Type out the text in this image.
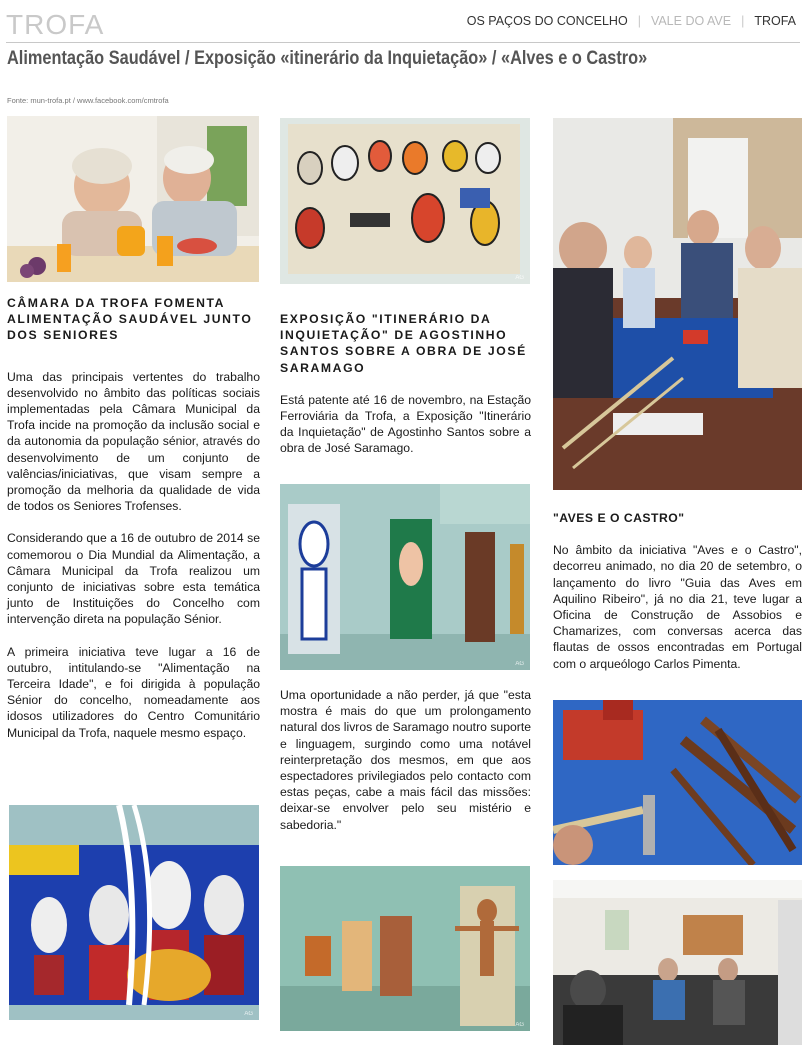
TROFA	OS PAÇOS DO CONCELHO | VALE DO AVE | TROFA
Alimentação Saudável / Exposição «itinerário da Inquietação» / «Alves e o Castro»
Fonte: mun-trofa.pt / www.facebook.com/cmtrofa
CÂMARA DA TROFA FOMENTA ALIMENTAÇÃO SAUDÁVEL JUNTO DOS SENIORES

Uma das principais vertentes do trabalho desenvolvido no âmbito das políticas sociais implementadas pela Câmara Municipal da Trofa incide na promoção da inclusão social e da autonomia da população sénior, através do desenvolvimento de um conjunto de valências/iniciativas, que visam sempre a promoção da melhoria da qualidade de vida de todos os Seniores Trofenses.

Considerando que a 16 de outubro de 2014 se comemorou o Dia Mundial da Alimentação, a Câmara Municipal da Trofa realizou um conjunto de iniciativas sobre esta temática junto de Instituições do Concelho com intervenção direta na população Sénior.

A primeira iniciativa teve lugar a 16 de outubro, intitulando-se "Alimentação na Terceira Idade", e foi dirigida à população Sénior do concelho, nomeadamente aos idosos utilizadores do Centro Comunitário Municipal da Trofa, naquele mesmo espaço.

AG
AG
EXPOSIÇÃO "ITINERÁRIO DA INQUIETAÇÃO" DE AGOSTINHO SANTOS SOBRE A OBRA DE JOSÉ SARAMAGO

Está patente até 16 de novembro, na Estação Ferroviária da Trofa, a Exposição "Itinerário da Inquietação" de Agostinho Santos sobre a obra de José Saramago.

AG

Uma oportunidade a não perder, já que "esta mostra é mais do que um prolongamento natural dos livros de Saramago noutro suporte e linguagem, surgindo como uma notável reinterpretação dos mesmos, em que aos espectadores privilegiados pelo contacto com estas peças, cabe a mais fácil das missões: deixar-se envolver pelo seu mistério e sabedoria."

AG
"AVES E O CASTRO"

No âmbito da iniciativa "Aves e o Castro", decorreu animado, no dia 20 de setembro, o lançamento do livro "Guia das Aves em Aquilino Ribeiro", já no dia 21, teve lugar a Oficina de Construção de Assobios e Chamarizes, com conversas acerca das flautas de ossos encontradas em Portugal com o arqueólogo Carlos Pimenta.
